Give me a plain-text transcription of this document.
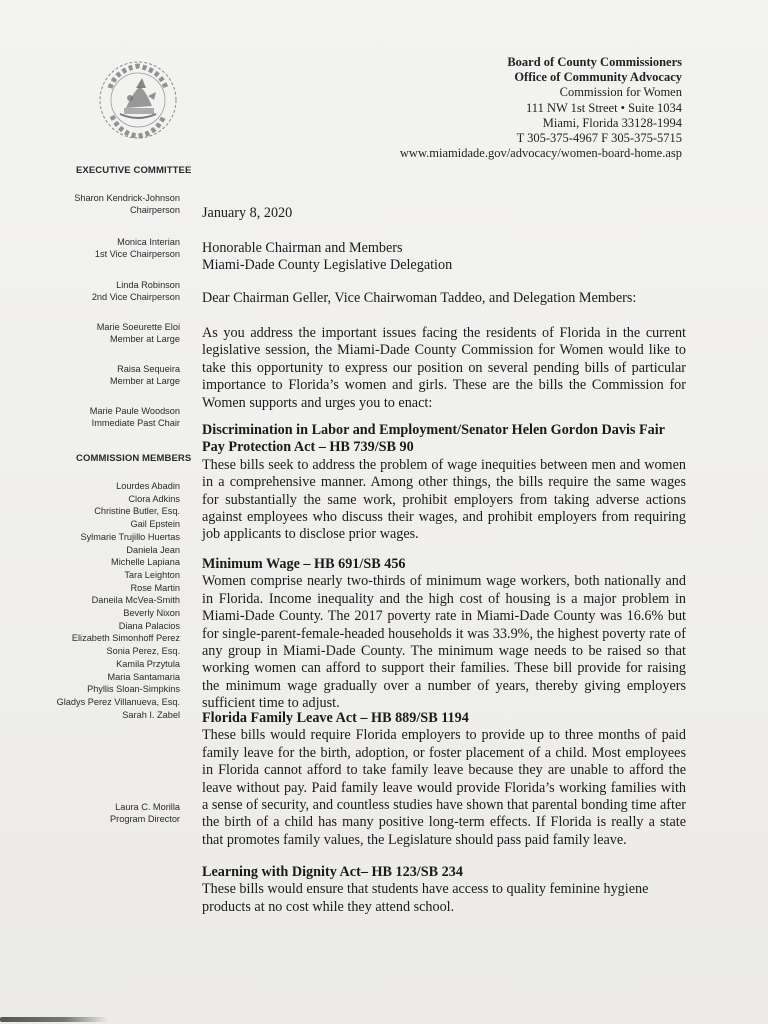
Board of County Commissioners
Office of Community Advocacy
Commission for Women
111 NW 1st Street • Suite 1034
Miami, Florida 33128-1994
T 305-375-4967 F 305-375-5715
www.miamidade.gov/advocacy/women-board-home.asp
EXECUTIVE COMMITTEE
Sharon Kendrick-Johnson
Chairperson
Monica Interian
1st Vice Chairperson
Linda Robinson
2nd Vice Chairperson
Marie Soeurette Eloi
Member at Large
Raisa Sequeira
Member at Large
Marie Paule Woodson
Immediate Past Chair
COMMISSION MEMBERS
Lourdes Abadin
Clora Adkins
Christine Butler, Esq.
Gail Epstein
Sylmarie Trujillo Huertas
Daniela Jean
Michelle Lapiana
Tara Leighton
Rose Martin
Daneila McVea-Smith
Beverly Nixon
Diana Palacios
Elizabeth Simonhoff Perez
Sonia Perez, Esq.
Kamila Przytula
Maria Santamaria
Phyllis Sloan-Simpkins
Gladys Perez Villanueva, Esq.
Sarah I. Zabel
Laura C. Morilla
Program Director
January 8, 2020
Honorable Chairman and Members
Miami-Dade County Legislative Delegation
Dear Chairman Geller, Vice Chairwoman Taddeo, and Delegation Members:
As you address the important issues facing the residents of Florida in the current legislative session, the Miami-Dade County Commission for Women would like to take this opportunity to express our position on several pending bills of particular importance to Florida’s women and girls. These are the bills the Commission for Women supports and urges you to enact:
Discrimination in Labor and Employment/Senator Helen Gordon Davis Fair Pay Protection Act – HB 739/SB 90
These bills seek to address the problem of wage inequities between men and women in a comprehensive manner. Among other things, the bills require the same wages for substantially the same work, prohibit employers from taking adverse actions against employees who discuss their wages, and prohibit employers from requiring job applicants to disclose prior wages.
Minimum Wage – HB 691/SB 456
Women comprise nearly two-thirds of minimum wage workers, both nationally and in Florida. Income inequality and the high cost of housing is a major problem in Miami-Dade County. The 2017 poverty rate in Miami-Dade County was 16.6% but for single-parent-female-headed households it was 33.9%, the highest poverty rate of any group in Miami-Dade County. The minimum wage needs to be raised so that working women can afford to support their families. These bill provide for raising the minimum wage gradually over a number of years, thereby giving employers sufficient time to adjust.
Florida Family Leave Act – HB 889/SB 1194
These bills would require Florida employers to provide up to three months of paid family leave for the birth, adoption, or foster placement of a child. Most employees in Florida cannot afford to take family leave because they are unable to afford the leave without pay. Paid family leave would provide Florida’s working families with a sense of security, and countless studies have shown that parental bonding time after the birth of a child has many positive long-term effects. If Florida is really a state that promotes family values, the Legislature should pass paid family leave.
Learning with Dignity Act– HB 123/SB 234
These bills would ensure that students have access to quality feminine hygiene products at no cost while they attend school.
